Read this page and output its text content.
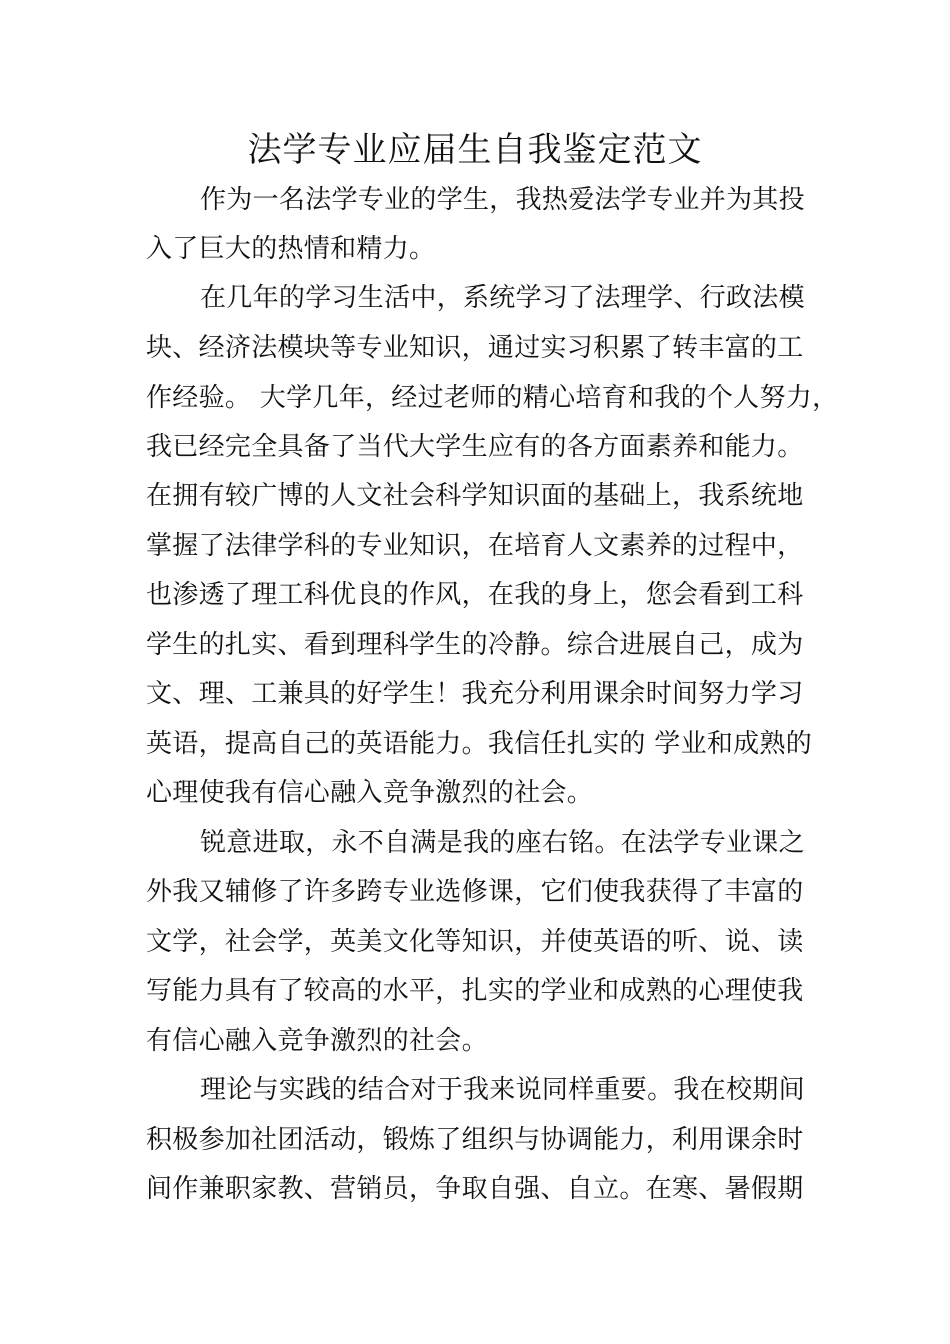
法学专业应届生自我鉴定范文
作为一名法学专业的学生，我热爱法学专业并为其投
入了巨大的热情和精力。
在几年的学习生活中，系统学习了法理学、行政法模
块、经济法模块等专业知识，通过实习积累了转丰富的工
作经验。 大学几年，经过老师的精心培育和我的个人努力，
我已经完全具备了当代大学生应有的各方面素养和能力。
在拥有较广博的人文社会科学知识面的基础上，我系统地
掌握了法律学科的专业知识，在培育人文素养的过程中，
也渗透了理工科优良的作风，在我的身上，您会看到工科
学生的扎实、看到理科学生的冷静。综合进展自己，成为
文、理、工兼具的好学生！我充分利用课余时间努力学习
英语，提高自己的英语能力。我信任扎实的 学业和成熟的
心理使我有信心融入竞争激烈的社会。
锐意进取，永不自满是我的座右铭。在法学专业课之
外我又辅修了许多跨专业选修课，它们使我获得了丰富的
文学，社会学，英美文化等知识，并使英语的听、说、读
写能力具有了较高的水平，扎实的学业和成熟的心理使我
有信心融入竞争激烈的社会。
理论与实践的结合对于我来说同样重要。我在校期间
积极参加社团活动，锻炼了组织与协调能力，利用课余时
间作兼职家教、营销员，争取自强、自立。在寒、暑假期
